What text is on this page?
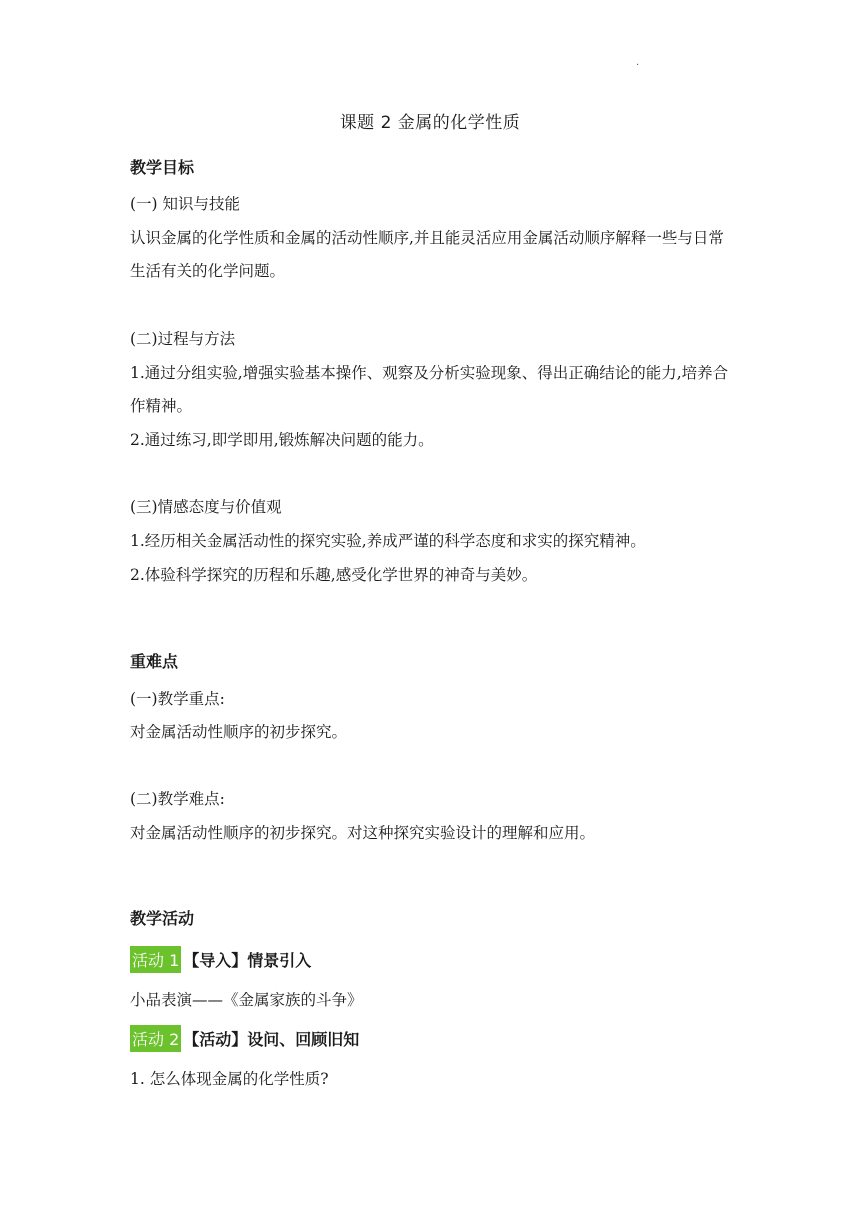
·
课题 2 金属的化学性质
教学目标
(一) 知识与技能
认识金属的化学性质和金属的活动性顺序,并且能灵活应用金属活动顺序解释一些与日常生活有关的化学问题。
(二)过程与方法
1.通过分组实验,增强实验基本操作、观察及分析实验现象、得出正确结论的能力,培养合作精神。
2.通过练习,即学即用,锻炼解决问题的能力。
(三)情感态度与价值观
1.经历相关金属活动性的探究实验,养成严谨的科学态度和求实的探究精神。
2.体验科学探究的历程和乐趣,感受化学世界的神奇与美妙。
重难点
(一)教学重点:
对金属活动性顺序的初步探究。
(二)教学难点:
对金属活动性顺序的初步探究。对这种探究实验设计的理解和应用。
教学活动
活动 1 【导入】情景引入
小品表演——《金属家族的斗争》
活动 2 【活动】设问、回顾旧知
1. 怎么体现金属的化学性质?
